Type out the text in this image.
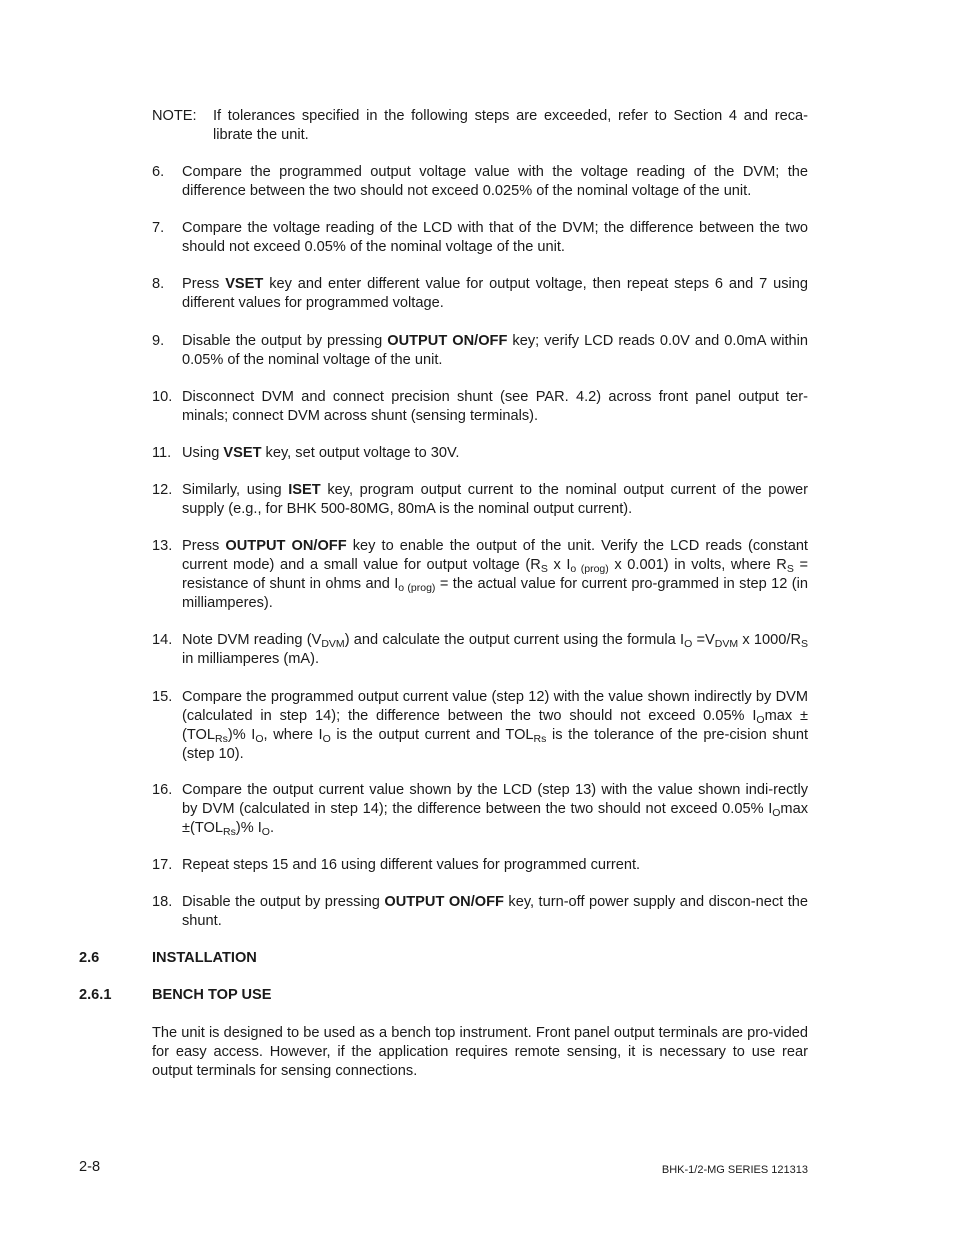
NOTE: If tolerances specified in the following steps are exceeded, refer to Section 4 and reca-librate the unit.
6. Compare the programmed output voltage value with the voltage reading of the DVM; the difference between the two should not exceed 0.025% of the nominal voltage of the unit.
7. Compare the voltage reading of the LCD with that of the DVM; the difference between the two should not exceed 0.05% of the nominal voltage of the unit.
8. Press VSET key and enter different value for output voltage, then repeat steps 6 and 7 using different values for programmed voltage.
9. Disable the output by pressing OUTPUT ON/OFF key; verify LCD reads 0.0V and 0.0mA within 0.05% of the nominal voltage of the unit.
10. Disconnect DVM and connect precision shunt (see PAR. 4.2) across front panel output ter-minals; connect DVM across shunt (sensing terminals).
11. Using VSET key, set output voltage to 30V.
12. Similarly, using ISET key, program output current to the nominal output current of the power supply (e.g., for BHK 500-80MG, 80mA is the nominal output current).
13. Press OUTPUT ON/OFF key to enable the output of the unit. Verify the LCD reads (constant current mode) and a small value for output voltage ($R_S$ x $I_{o (prog)}$ x 0.001) in volts, where $R_S$ = resistance of shunt in ohms and $I_{o (prog)}$ = the actual value for current pro-grammed in step 12 (in milliamperes).
14. Note DVM reading $(V_{DVM})$ and calculate the output current using the formula $I_O =V_{DVM}$ x $1000/R_S$ in milliamperes (mA).
15. Compare the programmed output current value (step 12) with the value shown indirectly by DVM (calculated in step 14); the difference between the two should not exceed 0.05% $I_O\max \pm(TOL_{Rs})\%$ $I_O$, where $I_O$ is the output current and $TOL_{Rs}$ is the tolerance of the pre-cision shunt (step 10).
16. Compare the output current value shown by the LCD (step 13) with the value shown indi-rectly by DVM (calculated in step 14); the difference between the two should not exceed 0.05% $I_O\max \pm(TOL_{Rs})\%$ $I_O$.
17. Repeat steps 15 and 16 using different values for programmed current.
18. Disable the output by pressing OUTPUT ON/OFF key, turn-off power supply and discon-nect the shunt.
2.6	INSTALLATION
2.6.1	BENCH TOP USE
The unit is designed to be used as a bench top instrument. Front panel output terminals are pro-vided for easy access. However, if the application requires remote sensing, it is necessary to use rear output terminals for sensing connections.
2-8	BHK-1/2-MG SERIES 121313
